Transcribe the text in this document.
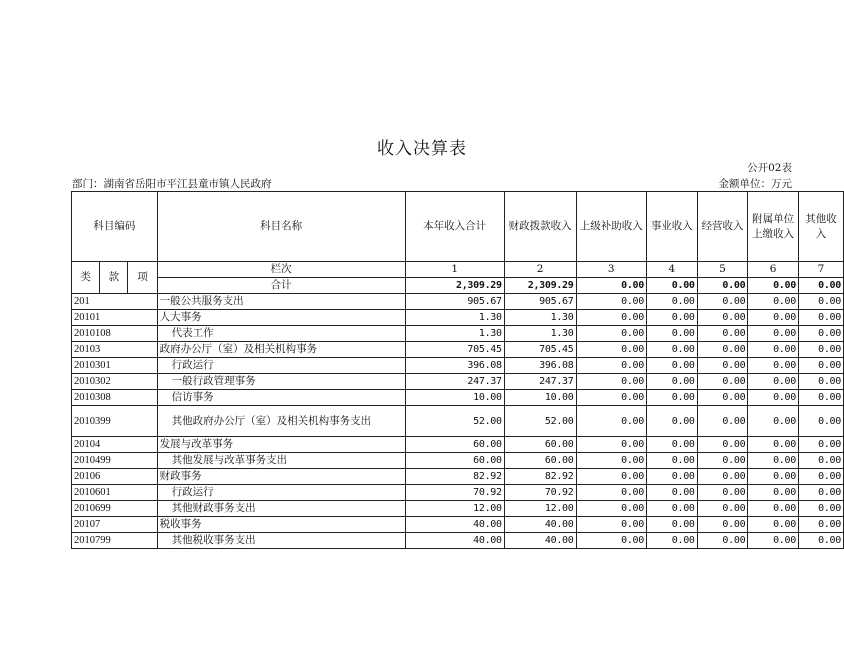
收入决算表
公开02表
部门：湖南省岳阳市平江县童市镇人民政府	金额单位：万元
科目编码			科目名称	本年收入合计	财政拨款收入	上级补助收入	事业收入	经营收入	附属单位上缴收入	其他收入
类	款	项	栏次	1	2	3	4	5	6	7
			合计	2,309.29	2,309.29	0.00	0.00	0.00	0.00	0.00
201			一般公共服务支出	905.67	905.67	0.00	0.00	0.00	0.00	0.00
20101			人大事务	1.30	1.30	0.00	0.00	0.00	0.00	0.00
2010108			代表工作	1.30	1.30	0.00	0.00	0.00	0.00	0.00
20103			政府办公厅（室）及相关机构事务	705.45	705.45	0.00	0.00	0.00	0.00	0.00
2010301			行政运行	396.08	396.08	0.00	0.00	0.00	0.00	0.00
2010302			一般行政管理事务	247.37	247.37	0.00	0.00	0.00	0.00	0.00
2010308			信访事务	10.00	10.00	0.00	0.00	0.00	0.00	0.00
2010399			其他政府办公厅（室）及相关机构事务支出	52.00	52.00	0.00	0.00	0.00	0.00	0.00
20104			发展与改革事务	60.00	60.00	0.00	0.00	0.00	0.00	0.00
2010499			其他发展与改革事务支出	60.00	60.00	0.00	0.00	0.00	0.00	0.00
20106			财政事务	82.92	82.92	0.00	0.00	0.00	0.00	0.00
2010601			行政运行	70.92	70.92	0.00	0.00	0.00	0.00	0.00
2010699			其他财政事务支出	12.00	12.00	0.00	0.00	0.00	0.00	0.00
20107			税收事务	40.00	40.00	0.00	0.00	0.00	0.00	0.00
2010799			其他税收事务支出	40.00	40.00	0.00	0.00	0.00	0.00	0.00
